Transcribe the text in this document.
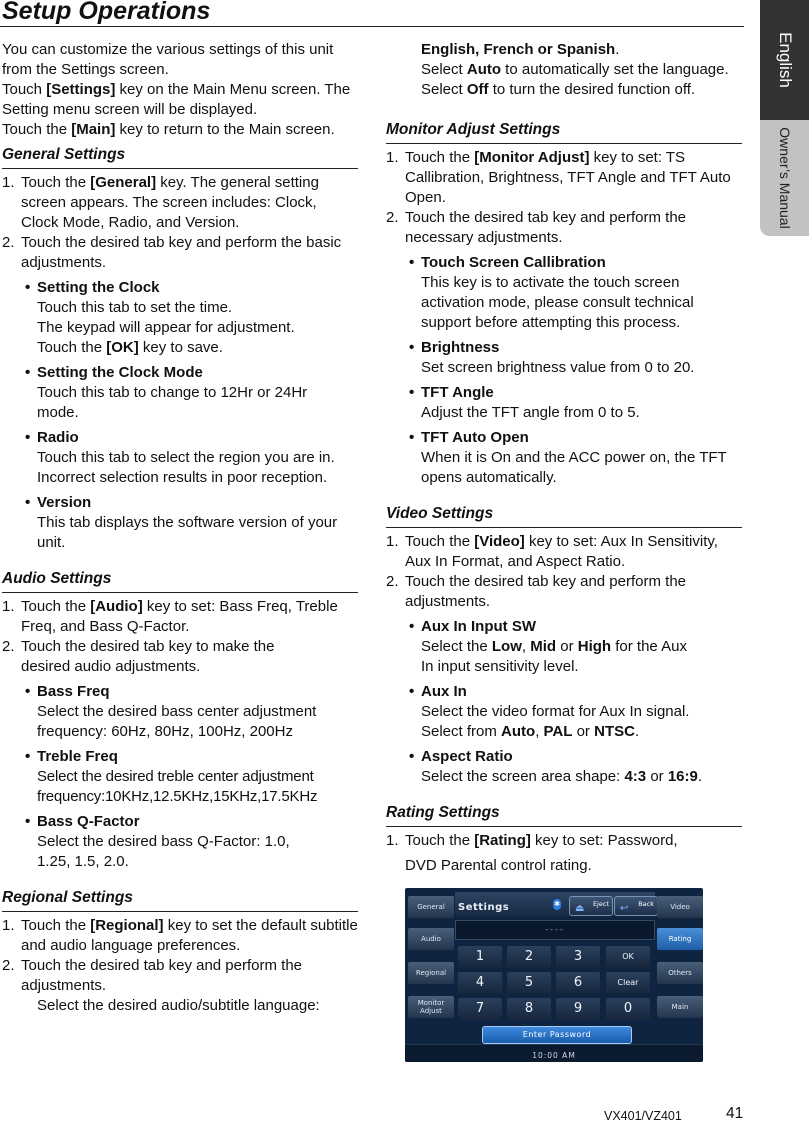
Setup Operations
English
Owner’s Manual

You can customize the various settings of this unit from the Settings screen.

Touch [Settings] key on the Main Menu screen. The Setting menu screen will be displayed.

Touch the [Main] key to return to the Main screen.

General Settings
1. Touch the [General] key. The general setting screen appears. The screen includes: Clock, Clock Mode, Radio, and Version.
2. Touch the desired tab key and perform the basic adjustments.
• Setting the Clock
Touch this tab to set the time.
The keypad will appear for adjustment.
Touch the [OK] key to save.
• Setting the Clock Mode
Touch this tab to change to 12Hr or 24Hr mode.
• Radio
Touch this tab to select the region you are in. Incorrect selection results in poor reception.
• Version
This tab displays the software version of your unit.
Audio Settings
1. Touch the [Audio] key to set: Bass Freq, Treble Freq, and Bass Q-Factor.
2. Touch the desired tab key to make the desired audio adjustments.
• Bass Freq
Select the desired bass center adjustment frequency: 60Hz, 80Hz, 100Hz, 200Hz
• Treble Freq
Select the desired treble center adjustment frequency:10KHz,12.5KHz,15KHz,17.5KHz
• Bass Q-Factor
Select the desired bass Q-Factor: 1.0, 1.25, 1.5, 2.0.
Regional Settings
1. Touch the [Regional] key to set the default subtitle and audio language preferences.
2. Touch the desired tab key and perform the adjustments.
Select the desired audio/subtitle language:
English, French or Spanish.
Select Auto to automatically set the language. Select Off to turn the desired function off.
Monitor Adjust Settings
1. Touch the [Monitor Adjust] key to set: TS Callibration, Brightness, TFT Angle and TFT Auto Open.
2. Touch the desired tab key and perform the necessary adjustments.
• Touch Screen Callibration
This key is to activate the touch screen activation mode, please consult technical support before attempting this process.
• Brightness
Set screen brightness value from 0 to 20.
• TFT Angle
Adjust the TFT angle from 0 to 5.
• TFT Auto Open
When it is On and the ACC power on, the TFT opens automatically.
Video Settings
1. Touch the [Video] key to set: Aux In Sensitivity, Aux In Format, and Aspect Ratio.
2. Touch the desired tab key and perform the adjustments.
• Aux In Input SW
Select the Low, Mid or High for the Aux In input sensitivity level.
• Aux In
Select the video format for Aux In signal.
Select from Auto, PAL or NTSC.
• Aspect Ratio
Select the screen area shape: 4:3 or 16:9.
Rating Settings
1. Touch the [Rating] key to set: Password,
DVD Parental control rating.
Settings	✱ ⏏ Eject ↩ Back
General
Audio
Regional
Monitor Adjust
Video
Rating
Others
Main
----
1	2	3	OK
4	5	6	Clear
7	8	9	0
Enter Password
10:00 AM
VX401/VZ401	41
